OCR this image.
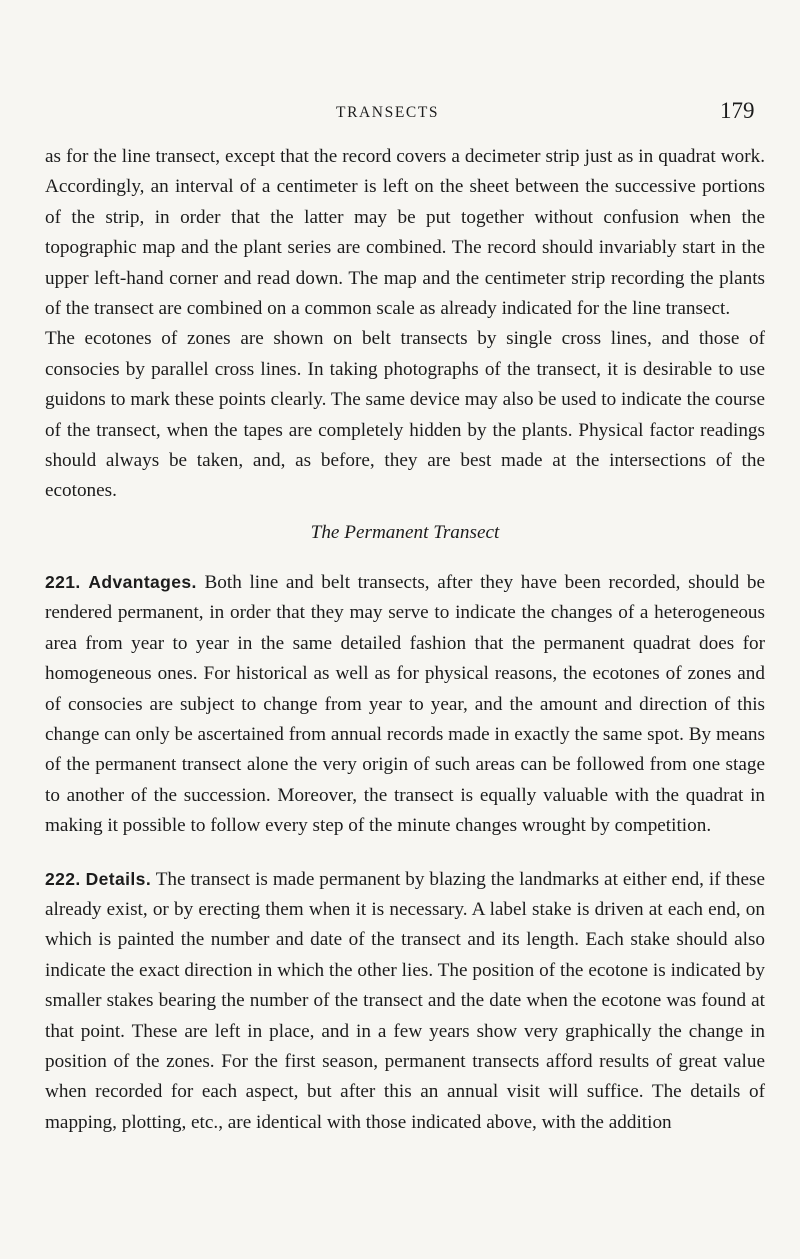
TRANSECTS	179

as for the line transect, except that the record covers a decimeter strip just as in quadrat work. Accordingly, an interval of a centimeter is left on the sheet between the successive portions of the strip, in order that the latter may be put together without confusion when the topographic map and the plant series are combined. The record should invariably start in the upper left-hand corner and read down. The map and the centimeter strip recording the plants of the transect are combined on a common scale as already indicated for the line transect.

The ecotones of zones are shown on belt transects by single cross lines, and those of consocies by parallel cross lines. In taking photographs of the transect, it is desirable to use guidons to mark these points clearly. The same device may also be used to indicate the course of the transect, when the tapes are completely hidden by the plants. Physical factor readings should always be taken, and, as before, they are best made at the intersections of the ecotones.

The Permanent Transect

221. Advantages. Both line and belt transects, after they have been recorded, should be rendered permanent, in order that they may serve to indicate the changes of a heterogeneous area from year to year in the same detailed fashion that the permanent quadrat does for homogeneous ones. For historical as well as for physical reasons, the ecotones of zones and of consocies are subject to change from year to year, and the amount and direction of this change can only be ascertained from annual records made in exactly the same spot. By means of the permanent transect alone the very origin of such areas can be followed from one stage to another of the succession. Moreover, the transect is equally valuable with the quadrat in making it possible to follow every step of the minute changes wrought by competition.

222. Details. The transect is made permanent by blazing the landmarks at either end, if these already exist, or by erecting them when it is necessary. A label stake is driven at each end, on which is painted the number and date of the transect and its length. Each stake should also indicate the exact direction in which the other lies. The position of the ecotone is indicated by smaller stakes bearing the number of the transect and the date when the ecotone was found at that point. These are left in place, and in a few years show very graphically the change in position of the zones. For the first season, permanent transects afford results of great value when recorded for each aspect, but after this an annual visit will suffice. The details of mapping, plotting, etc., are identical with those indicated above, with the addition
